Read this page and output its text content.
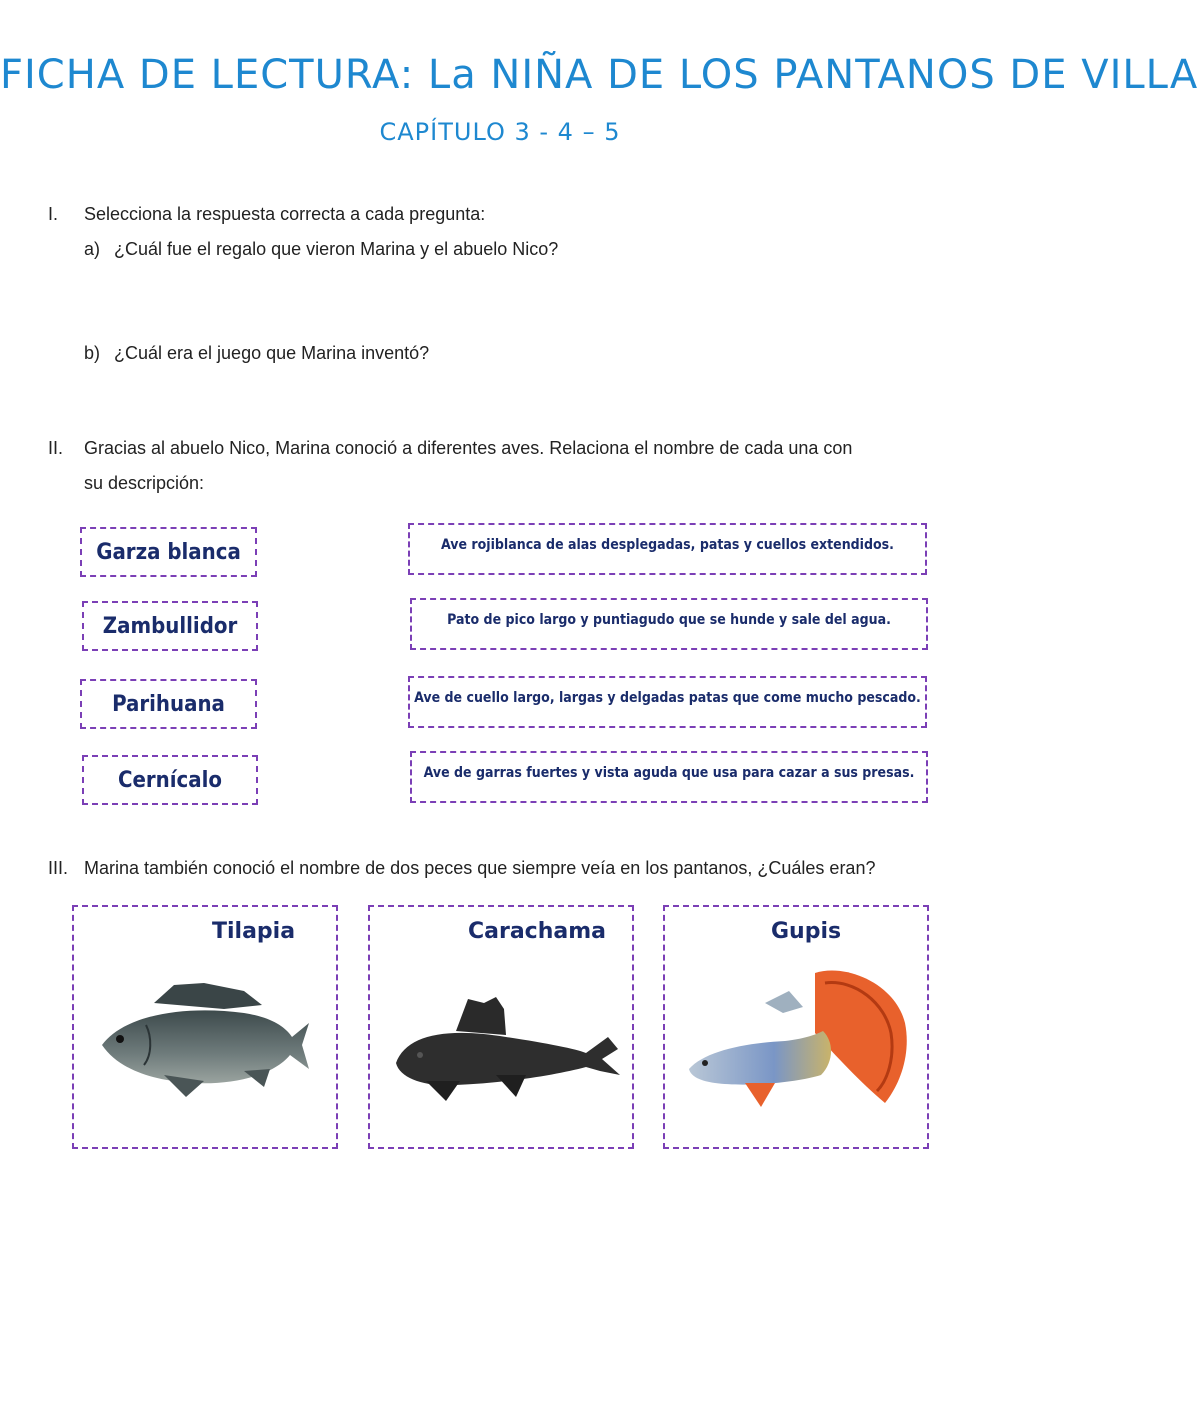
FICHA DE LECTURA: La NIÑA DE LOS PANTANOS DE VILLA
CAPÍTULO 3 - 4 – 5
I. Selecciona la respuesta correcta a cada pregunta:
a) ¿Cuál fue el regalo que vieron Marina y el abuelo Nico?
b) ¿Cuál era el juego que Marina inventó?
II. Gracias al abuelo Nico, Marina conoció a diferentes aves. Relaciona el nombre de cada una con
su descripción:
Garza blanca
Zambullidor
Parihuana
Cernícalo
Ave rojiblanca de alas desplegadas, patas y cuellos extendidos.
Pato de pico largo y puntiagudo que se hunde y sale del agua.
Ave de cuello largo, largas y delgadas patas que come mucho pescado.
Ave de garras fuertes y vista aguda que usa para cazar a sus presas.
III. Marina también conoció el nombre de dos peces que siempre veía en los pantanos, ¿Cuáles eran?
Tilapia	Carachama	Gupis
